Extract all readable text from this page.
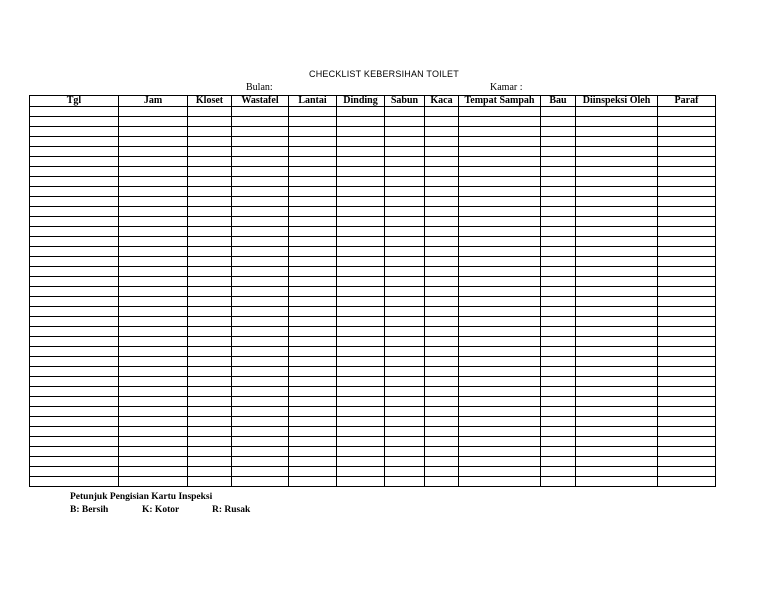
CHECKLIST KEBERSIHAN TOILET
Bulan:	Kamar :
Tgl	Jam	Kloset	Wastafel	Lantai	Dinding	Sabun	Kaca	Tempat Sampah	Bau	Diinspeksi Oleh	Paraf

Petunjuk Pengisian Kartu Inspeksi
B: Bersih	K: Kotor	R: Rusak
